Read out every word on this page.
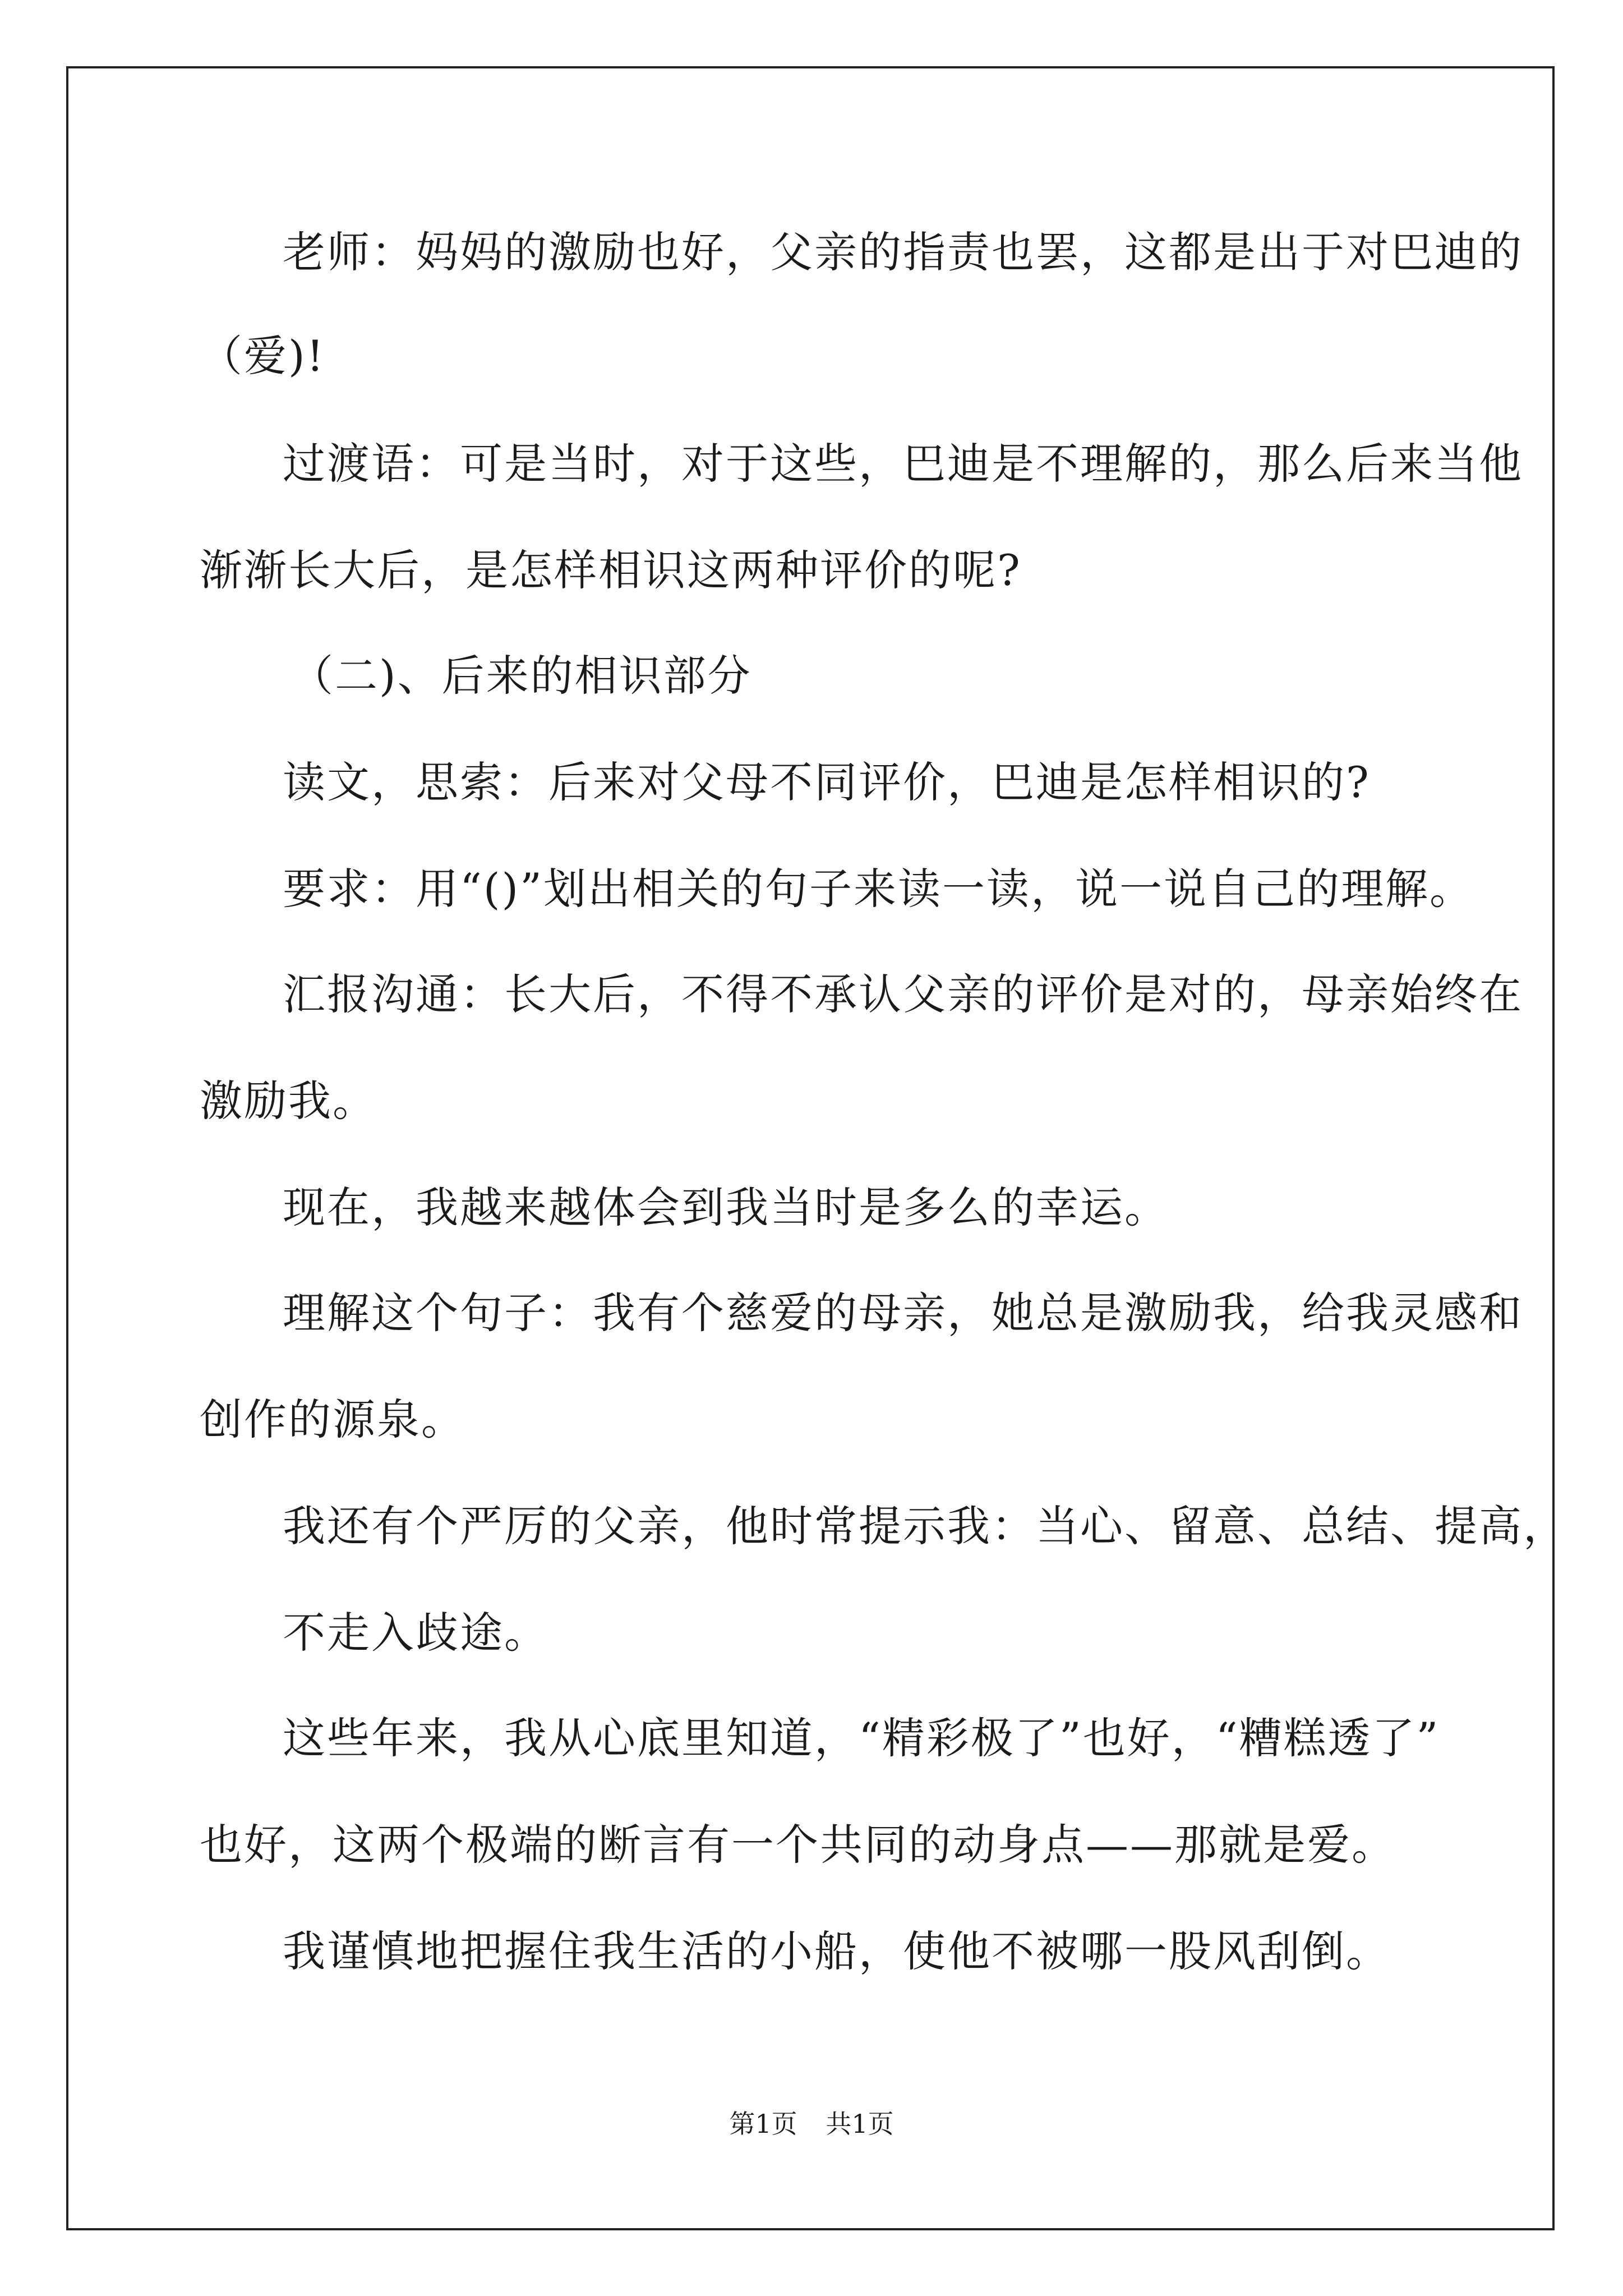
老师：妈妈的激励也好，父亲的指责也罢，这都是出于对巴迪的
（爱)!
过渡语：可是当时，对于这些，巴迪是不理解的，那么后来当他
渐渐长大后，是怎样相识这两种评价的呢?
（二)、后来的相识部分
读文，思索：后来对父母不同评价，巴迪是怎样相识的?
要求：用“()”划出相关的句子来读一读，说一说自己的理解。
汇报沟通：长大后，不得不承认父亲的评价是对的，母亲始终在
激励我。
现在，我越来越体会到我当时是多么的幸运。
理解这个句子：我有个慈爱的母亲，她总是激励我，给我灵感和
创作的源泉。
我还有个严厉的父亲，他时常提示我：当心、留意、总结、提高，
不走入歧途。
这些年来，我从心底里知道，“精彩极了”也好，“糟糕透了”
也好，这两个极端的断言有一个共同的动身点——那就是爱。
我谨慎地把握住我生活的小船，使他不被哪一股风刮倒。
第1页 共1页
